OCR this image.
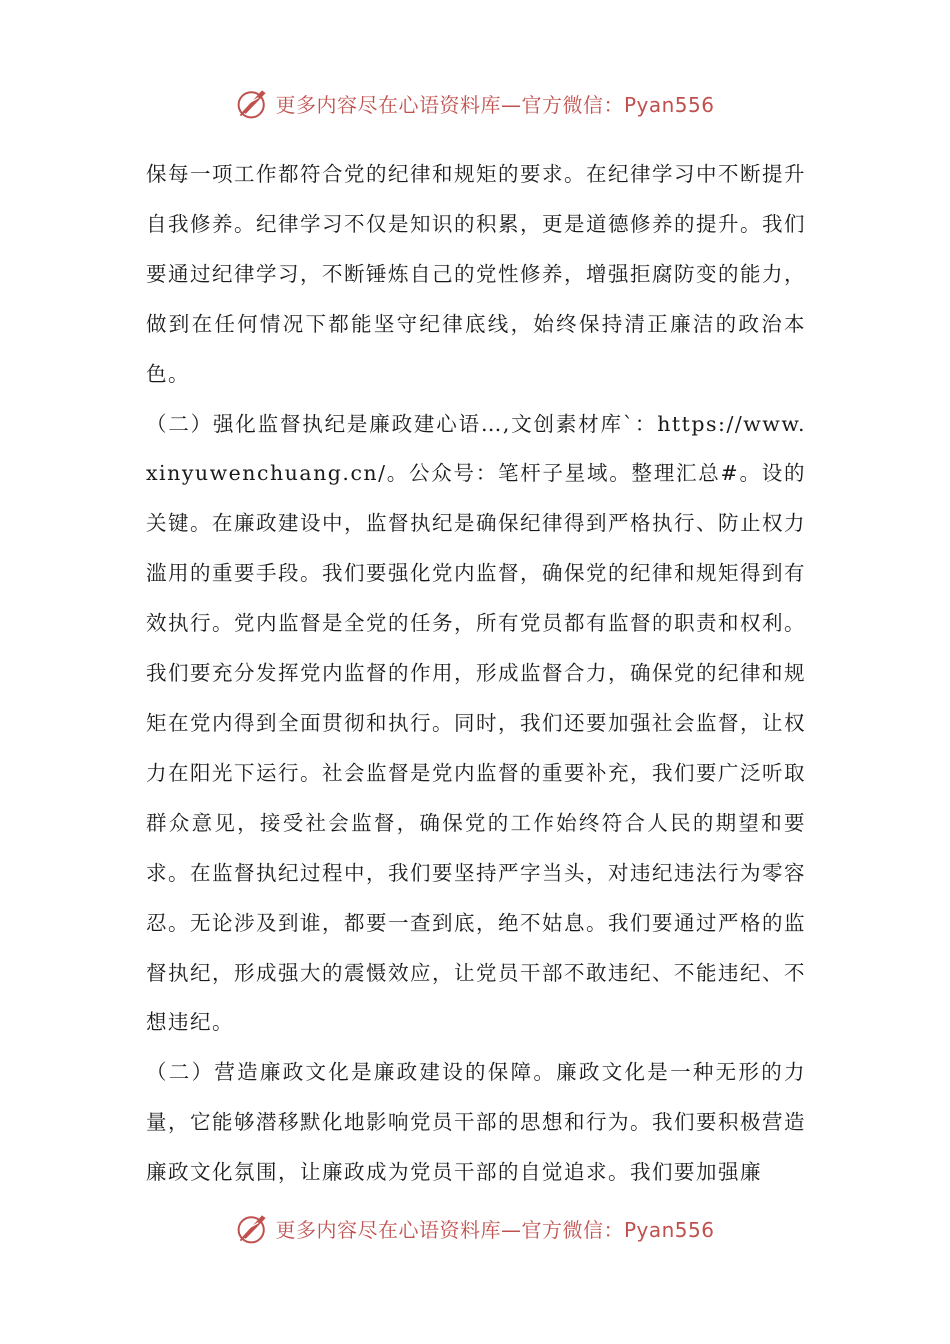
更多内容尽在心语资料库—官方微信：Pyan556

保每一项工作都符合党的纪律和规矩的要求。在纪律学习中不断提升自我修养。纪律学习不仅是知识的积累，更是道德修养的提升。我们要通过纪律学习，不断锤炼自己的党性修养，增强拒腐防变的能力，做到在任何情况下都能坚守纪律底线，始终保持清正廉洁的政治本色。

（二）强化监督执纪是廉政建心语…,文创素材库`：https://www.xinyuwenchuang.cn/。公众号：笔杆子星域。整理汇总#。设的关键。在廉政建设中，监督执纪是确保纪律得到严格执行、防止权力滥用的重要手段。我们要强化党内监督，确保党的纪律和规矩得到有效执行。党内监督是全党的任务，所有党员都有监督的职责和权利。我们要充分发挥党内监督的作用，形成监督合力，确保党的纪律和规矩在党内得到全面贯彻和执行。同时，我们还要加强社会监督，让权力在阳光下运行。社会监督是党内监督的重要补充，我们要广泛听取群众意见，接受社会监督，确保党的工作始终符合人民的期望和要求。在监督执纪过程中，我们要坚持严字当头，对违纪违法行为零容忍。无论涉及到谁，都要一查到底，绝不姑息。我们要通过严格的监督执纪，形成强大的震慑效应，让党员干部不敢违纪、不能违纪、不想违纪。

（二）营造廉政文化是廉政建设的保障。廉政文化是一种无形的力量，它能够潜移默化地影响党员干部的思想和行为。我们要积极营造廉政文化氛围，让廉政成为党员干部的自觉追求。我们要加强廉

更多内容尽在心语资料库—官方微信：Pyan556
